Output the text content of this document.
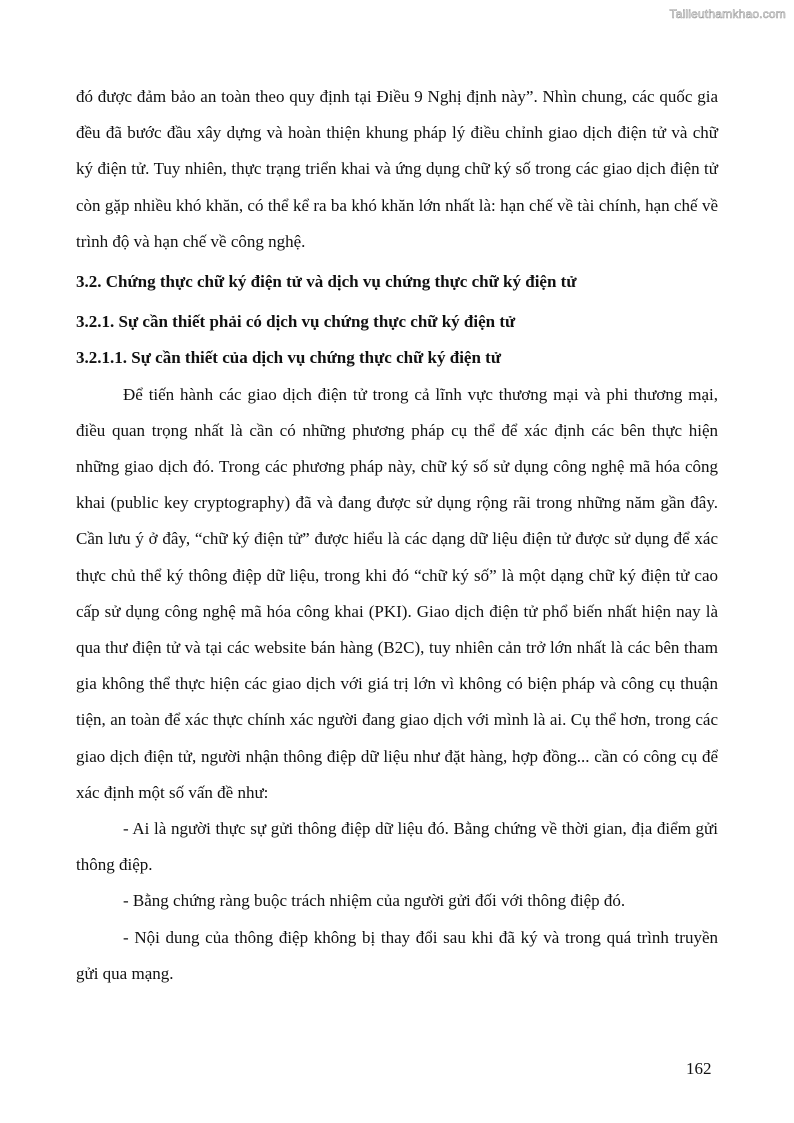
Tailieuthamkhao.com

đó được đảm bảo an toàn theo quy định tại Điều 9 Nghị định này”. Nhìn chung, các quốc gia đều đã bước đầu xây dựng và hoàn thiện khung pháp lý điều chỉnh giao dịch điện tử và chữ ký điện tử. Tuy nhiên, thực trạng triển khai và ứng dụng chữ ký số trong các giao dịch điện tử còn gặp nhiều khó khăn, có thể kể ra ba khó khăn lớn nhất là: hạn chế về tài chính, hạn chế về trình độ và hạn chế về công nghệ.

3.2. Chứng thực chữ ký điện tử và dịch vụ chứng thực chữ ký điện tử

3.2.1. Sự cần thiết phải có dịch vụ chứng thực chữ ký điện tử

3.2.1.1. Sự cần thiết của dịch vụ chứng thực chữ ký điện tử

Để tiến hành các giao dịch điện tử trong cả lĩnh vực thương mại và phi thương mại, điều quan trọng nhất là cần có những phương pháp cụ thể để xác định các bên thực hiện những giao dịch đó. Trong các phương pháp này, chữ ký số sử dụng công nghệ mã hóa công khai (public key cryptography) đã và đang được sử dụng rộng rãi trong những năm gần đây. Cần lưu ý ở đây, “chữ ký điện tử” được hiểu là các dạng dữ liệu điện tử được sử dụng để xác thực chủ thể ký thông điệp dữ liệu, trong khi đó “chữ ký số” là một dạng chữ ký điện tử cao cấp sử dụng công nghệ mã hóa công khai (PKI). Giao dịch điện tử phổ biến nhất hiện nay là qua thư điện tử và tại các website bán hàng (B2C), tuy nhiên cản trở lớn nhất là các bên tham gia không thể thực hiện các giao dịch với giá trị lớn vì không có biện pháp và công cụ thuận tiện, an toàn để xác thực chính xác người đang giao dịch với mình là ai. Cụ thể hơn, trong các giao dịch điện tử, người nhận thông điệp dữ liệu như đặt hàng, hợp đồng... cần có công cụ để xác định một số vấn đề như:

- Ai là người thực sự gửi thông điệp dữ liệu đó. Bằng chứng về thời gian, địa điểm gửi thông điệp.

- Bằng chứng ràng buộc trách nhiệm của người gửi đối với thông điệp đó.

- Nội dung của thông điệp không bị thay đổi sau khi đã ký và trong quá trình truyền gửi qua mạng.

162
